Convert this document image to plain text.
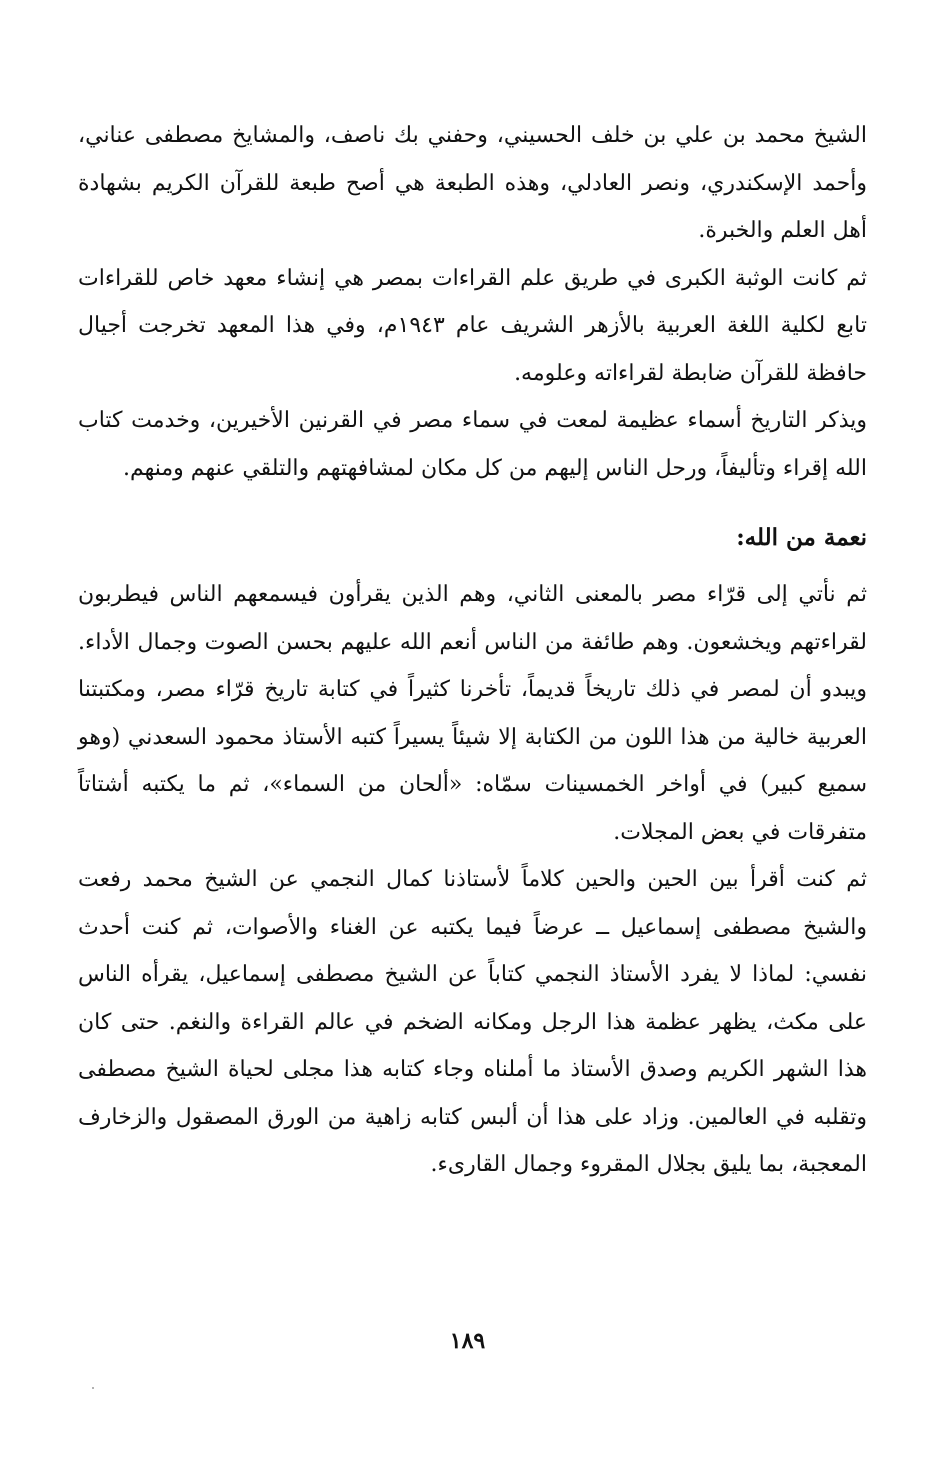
الشيخ محمد بن علي بن خلف الحسيني، وحفني بك ناصف، والمشايخ مصطفى عناني، وأحمد الإسكندري، ونصر العادلي، وهذه الطبعة هي أصح طبعة للقرآن الكريم بشهادة أهل العلم والخبرة.

ثم كانت الوثبة الكبرى في طريق علم القراءات بمصر هي إنشاء معهد خاص للقراءات تابع لكلية اللغة العربية بالأزهر الشريف عام ١٩٤٣م، وفي هذا المعهد تخرجت أجيال حافظة للقرآن ضابطة لقراءاته وعلومه.

ويذكر التاريخ أسماء عظيمة لمعت في سماء مصر في القرنين الأخيرين، وخدمت كتاب الله إقراء وتأليفاً، ورحل الناس إليهم من كل مكان لمشافهتهم والتلقي عنهم ومنهم.

نعمة من الله:

ثم نأتي إلى قرّاء مصر بالمعنى الثاني، وهم الذين يقرأون فيسمعهم الناس فيطربون لقراءتهم ويخشعون. وهم طائفة من الناس أنعم الله عليهم بحسن الصوت وجمال الأداء. ويبدو أن لمصر في ذلك تاريخاً قديماً، تأخرنا كثيراً في كتابة تاريخ قرّاء مصر، ومكتبتنا العربية خالية من هذا اللون من الكتابة إلا شيئاً يسيراً كتبه الأستاذ محمود السعدني (وهو سميع كبير) في أواخر الخمسينات سمّاه: «ألحان من السماء»، ثم ما يكتبه أشتاتاً متفرقات في بعض المجلات.

ثم كنت أقرأ بين الحين والحين كلاماً لأستاذنا كمال النجمي عن الشيخ محمد رفعت والشيخ مصطفى إسماعيل ــ عرضاً فيما يكتبه عن الغناء والأصوات، ثم كنت أحدث نفسي: لماذا لا يفرد الأستاذ النجمي كتاباً عن الشيخ مصطفى إسماعيل، يقرأه الناس على مكث، يظهر عظمة هذا الرجل ومكانه الضخم في عالم القراءة والنغم. حتى كان هذا الشهر الكريم وصدق الأستاذ ما أملناه وجاء كتابه هذا مجلى لحياة الشيخ مصطفى وتقلبه في العالمين. وزاد على هذا أن ألبس كتابه زاهية من الورق المصقول والزخارف المعجبة، بما يليق بجلال المقروء وجمال القارىء.

١٨٩
